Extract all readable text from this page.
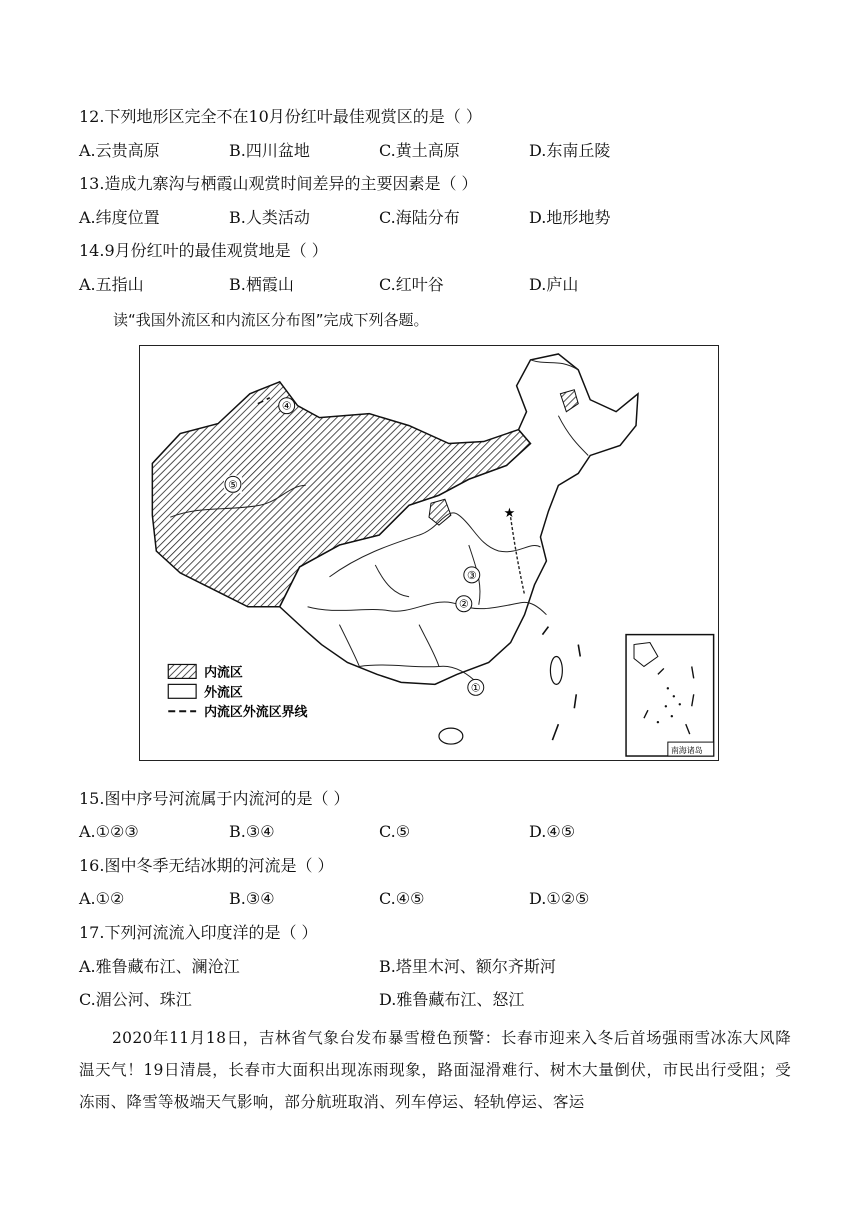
12.下列地形区完全不在10月份红叶最佳观赏区的是（ ）
A.云贵高原	B.四川盆地	C.黄土高原	D.东南丘陵
13.造成九寨沟与栖霞山观赏时间差异的主要因素是（ ）
A.纬度位置	B.人类活动	C.海陆分布	D.地形地势
14.9月份红叶的最佳观赏地是（ ）
A.五指山	B.栖霞山	C.红叶谷	D.庐山
读“我国外流区和内流区分布图”完成下列各题。
★
①
②
③
④
⑤
内流区
外流区
内流区外流区界线
南海诸岛
15.图中序号河流属于内流河的是（ ）
A.①②③	B.③④	C.⑤	D.④⑤
16.图中冬季无结冰期的河流是（ ）
A.①②	B.③④	C.④⑤	D.①②⑤
17.下列河流流入印度洋的是（ ）
A.雅鲁藏布江、澜沧江	B.塔里木河、额尔齐斯河
C.湄公河、珠江	D.雅鲁藏布江、怒江
2020年11月18日，吉林省气象台发布暴雪橙色预警：长春市迎来入冬后首场强雨雪冰冻大风降温天气！19日清晨，长春市大面积出现冻雨现象，路面湿滑难行、树木大量倒伏，市民出行受阻；受冻雨、降雪等极端天气影响，部分航班取消、列车停运、轻轨停运、客运
